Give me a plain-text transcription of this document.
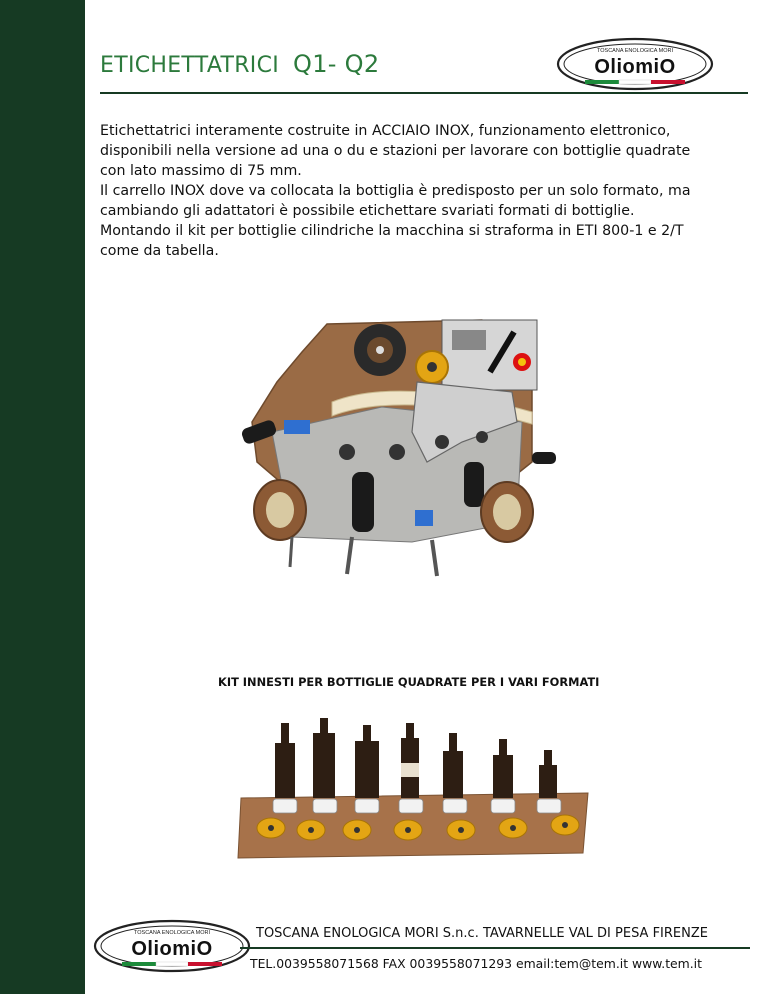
ETICHETTATRICI Q1- Q2	TOSCANA ENOLOGICA MORI
OliomiO

Etichettatrici interamente costruite in ACCIAIO INOX, funzionamento elettronico,

disponibili nella versione ad una o du e stazioni per lavorare con bottiglie quadrate

con lato massimo di 75 mm.

Il carrello INOX dove va collocata la bottiglia è predisposto per un solo formato, ma

cambiando gli adattatori è possibile etichettare svariati formati di bottiglie.

Montando il kit per bottiglie cilindriche la macchina si straforma in ETI 800-1 e 2/T

come da tabella.

KIT INNESTI PER BOTTIGLIE QUADRATE PER I VARI FORMATI
TOSCANA ENOLOGICA MORI
OliomiO
TOSCANA ENOLOGICA MORI S.n.c. TAVARNELLE VAL DI PESA FIRENZE
TEL.0039558071568 FAX 0039558071293 email:tem@tem.it www.tem.it
